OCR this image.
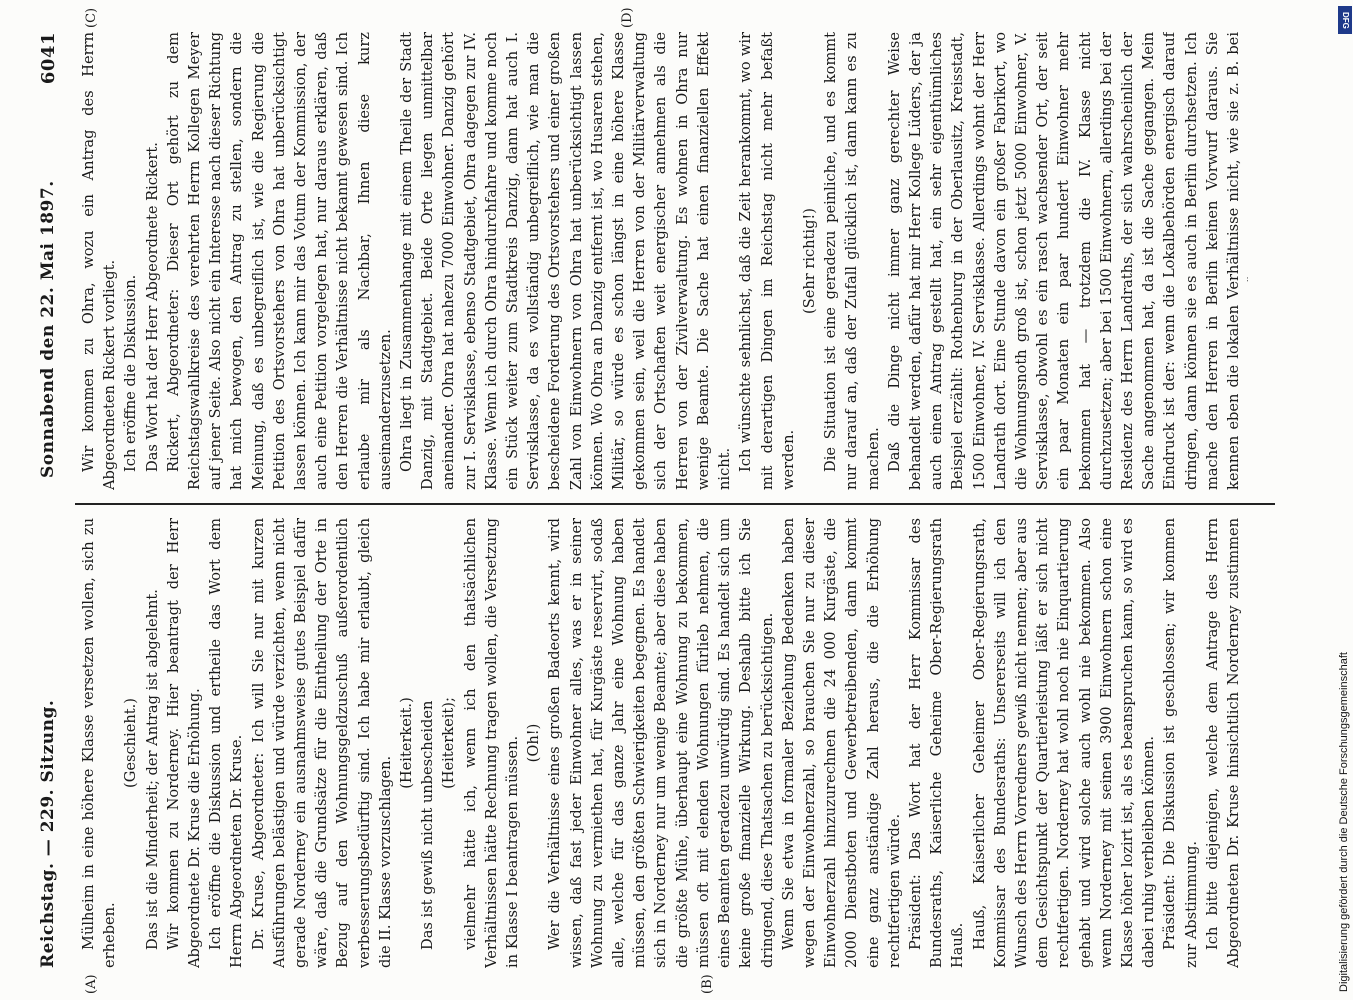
Reichstag. — 229. Sitzung.
Sonnabend den 22. Mai 1897.
6041
(A)	(B)
(C)	(D)

Mülheim in eine höhere Klasse versetzen wollen, sich zu erheben.

(Geschieht.) Das ist die Minderheit; der Antrag ist abgelehnt. Wir kommen zu Norderney. Hier beantragt der Herr Abgeordnete Dr. Kruse die Erhöhung. Ich eröffne die Diskussion und ertheile das Wort dem Herrn Abgeordneten Dr. Kruse. Dr. Kruse, Abgeordneter: Ich will Sie nur mit kurzen Ausführungen belästigen und würde verzichten, wenn nicht gerade Norderney ein ausnahmsweise gutes Beispiel dafür wäre, daß die Grundsätze für die Eintheilung der Orte in Bezug auf den Wohnungsgeldzuschuß außerordentlich verbesserungsbedürftig sind. Ich habe mir erlaubt, gleich die II. Klasse vorzuschlagen.

(Heiterkeit.) Das ist gewiß nicht unbescheiden (Heiterkeit); vielmehr hätte ich, wenn ich den thatsächlichen Verhältnissen hätte Rechnung tragen wollen, die Versetzung in Klasse I beantragen müssen. (Oh!) Wer die Verhältnisse eines großen Badeorts kennt, wird wissen, daß fast jeder Einwohner alles, was er in seiner Wohnung zu vermiethen hat, für Kurgäste reservirt, sodaß alle, welche für das ganze Jahr eine Wohnung haben müssen, den größten Schwierigkeiten begegnen. Es handelt sich in Norderney nur um wenige Beamte; aber diese haben die größte Mühe, überhaupt eine Wohnung zu bekommen, müssen oft mit elenden Wohnungen fürlieb nehmen, die eines Beamten geradezu unwürdig sind. Es handelt sich um keine große finanzielle Wirkung. Deshalb bitte ich Sie dringend, diese Thatsachen zu berücksichtigen. Wenn Sie etwa in formaler Beziehung Bedenken haben wegen der Einwohnerzahl, so brauchen Sie nur zu dieser Einwohnerzahl hinzuzurechnen die 24 000 Kurgäste, die 2000 Dienstboten und Gewerbetreibenden, dann kommt eine ganz anständige Zahl heraus, die die Erhöhung rechtfertigen würde. Präsident: Das Wort hat der Herr Kommissar des Bundesraths, Kaiserliche Geheime Ober-Regierungsrath Hauß. Hauß, Kaiserlicher Geheimer Ober-Regierungsrath, Kommissar des Bundesraths: Unsererseits will ich den Wunsch des Herrn Vorredners gewiß nicht nennen; aber aus dem Gesichtspunkt der Quartierleistung läßt er sich nicht rechtfertigen. Norderney hat wohl noch nie Einquartierung gehabt und wird solche auch wohl nie bekommen. Also wenn Norderney mit seinen 3900 Einwohnern schon eine Klasse höher lozirt ist, als es beanspruchen kann, so wird es dabei ruhig verbleiben können. Präsident: Die Diskussion ist geschlossen; wir kommen zur Abstimmung. Ich bitte diejenigen, welche dem Antrage des Herrn Abgeordneten Dr. Kruse hinsichtlich Norderney zustimmen

Wir kommen zu Ohra, wozu ein Antrag des Herrn Abgeordneten Rickert vorliegt. Ich eröffne die Diskussion. Das Wort hat der Herr Abgeordnete Rickert. Rickert, Abgeordneter: Dieser Ort gehört zu dem Reichstagswahlkreise des verehrten Herrn Kollegen Meyer auf jener Seite. Also nicht ein Interesse nach dieser Richtung hat mich bewogen, den Antrag zu stellen, sondern die Meinung, daß es unbegreiflich ist, wie die Regierung die Petition des Ortsvorstehers von Ohra hat unberücksichtigt lassen können. Ich kann mir das Votum der Kommission, der auch eine Petition vorgelegen hat, nur daraus erklären, daß den Herren die Verhältnisse nicht bekannt gewesen sind. Ich erlaube mir als Nachbar, Ihnen diese kurz auseinanderzusetzen. Ohra liegt in Zusammenhange mit einem Theile der Stadt Danzig, mit Stadtgebiet. Beide Orte liegen unmittelbar aneinander. Ohra hat nahezu 7000 Einwohner. Danzig gehört zur I. Servisklasse, ebenso Stadtgebiet, Ohra dagegen zur IV. Klasse. Wenn ich durch Ohra hindurchfahre und komme noch ein Stück weiter zum Stadtkreis Danzig, dann hat auch I. Servisklasse, da es vollständig unbegreiflich, wie man die bescheidene Forderung des Ortsvorstehers und einer großen Zahl von Einwohnern von Ohra hat unberücksichtigt lassen können. Wo Ohra an Danzig entfernt ist, wo Husaren stehen, Militär, so würde es schon längst in eine höhere Klasse gekommen sein, weil die Herren von der Militärverwaltung sich der Ortschaften weit energischer annehmen als die Herren von der Zivilverwaltung. Es wohnen in Ohra nur wenige Beamte. Die Sache hat einen finanziellen Effekt nicht. Ich wünschte sehnlichst, daß die Zeit herankommt, wo wir mit derartigen Dingen im Reichstag nicht mehr befaßt werden.

(Sehr richtig!) Die Situation ist eine geradezu peinliche, und es kommt nur darauf an, daß der Zufall glücklich ist, dann kann es zu machen. Daß die Dinge nicht immer ganz gerechter Weise behandelt werden, dafür hat mir Herr Kollege Lüders, der ja auch einen Antrag gestellt hat, ein sehr eigenthümliches Beispiel erzählt: Rothenburg in der Oberlausitz, Kreisstadt, 1500 Einwohner, IV. Servisklasse. Allerdings wohnt der Herr Landrath dort. Eine Stunde davon ein großer Fabrikort, wo die Wohnungsnoth groß ist, schon jetzt 5000 Einwohner, V. Servisklasse, obwohl es ein rasch wachsender Ort, der seit ein paar Monaten ein paar hundert Einwohner mehr bekommen hat — trotzdem die IV. Klasse nicht durchzusetzen; aber bei 1500 Einwohnern, allerdings bei der Residenz des Herrn Landraths, der sich wahrscheinlich der Sache angenommen hat, da ist die Sache gegangen. Mein Eindruck ist der: wenn die Lokalbehörden energisch darauf dringen, dann können sie es auch in Berlin durchsetzen. Ich mache den Herren in Berlin keinen Vorwurf daraus. Sie kennen eben die lokalen Verhältnisse nicht, wie sie z. B. bei

Digitalisierung gefördert durch die Deutsche Forschungsgemeinschaft
DFG
